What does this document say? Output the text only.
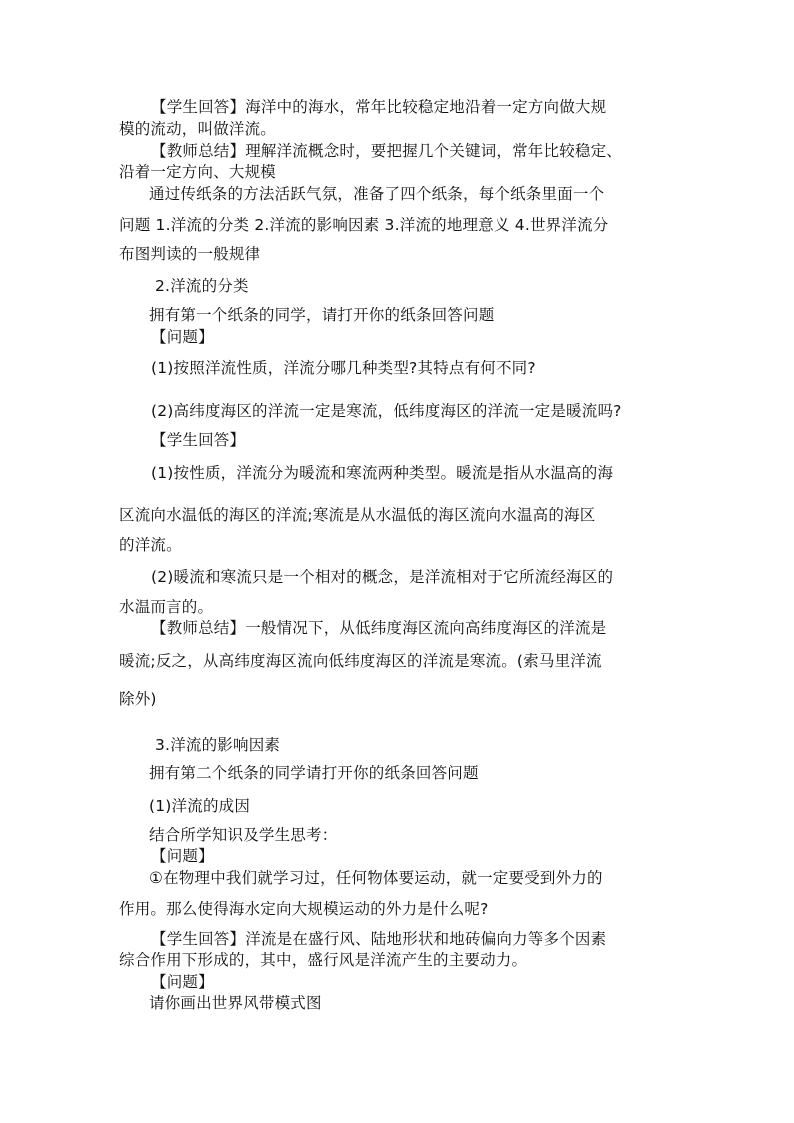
【学生回答】海洋中的海水，常年比较稳定地沿着一定方向做大规
模的流动，叫做洋流。
【教师总结】理解洋流概念时，要把握几个关键词，常年比较稳定、
沿着一定方向、大规模
通过传纸条的方法活跃气氛，准备了四个纸条，每个纸条里面一个
问题 1.洋流的分类 2.洋流的影响因素 3.洋流的地理意义 4.世界洋流分
布图判读的一般规律
2.洋流的分类
拥有第一个纸条的同学，请打开你的纸条回答问题
【问题】
(1)按照洋流性质，洋流分哪几种类型?其特点有何不同?
(2)高纬度海区的洋流一定是寒流，低纬度海区的洋流一定是暖流吗?
【学生回答】
(1)按性质，洋流分为暖流和寒流两种类型。暖流是指从水温高的海
区流向水温低的海区的洋流;寒流是从水温低的海区流向水温高的海区
的洋流。
(2)暖流和寒流只是一个相对的概念，是洋流相对于它所流经海区的
水温而言的。
【教师总结】一般情况下，从低纬度海区流向高纬度海区的洋流是
暖流;反之，从高纬度海区流向低纬度海区的洋流是寒流。(索马里洋流
除外)
3.洋流的影响因素
拥有第二个纸条的同学请打开你的纸条回答问题
(1)洋流的成因
结合所学知识及学生思考：
【问题】
①在物理中我们就学习过，任何物体要运动，就一定要受到外力的
作用。那么使得海水定向大规模运动的外力是什么呢?
【学生回答】洋流是在盛行风、陆地形状和地砖偏向力等多个因素
综合作用下形成的，其中，盛行风是洋流产生的主要动力。
【问题】
请你画出世界风带模式图
